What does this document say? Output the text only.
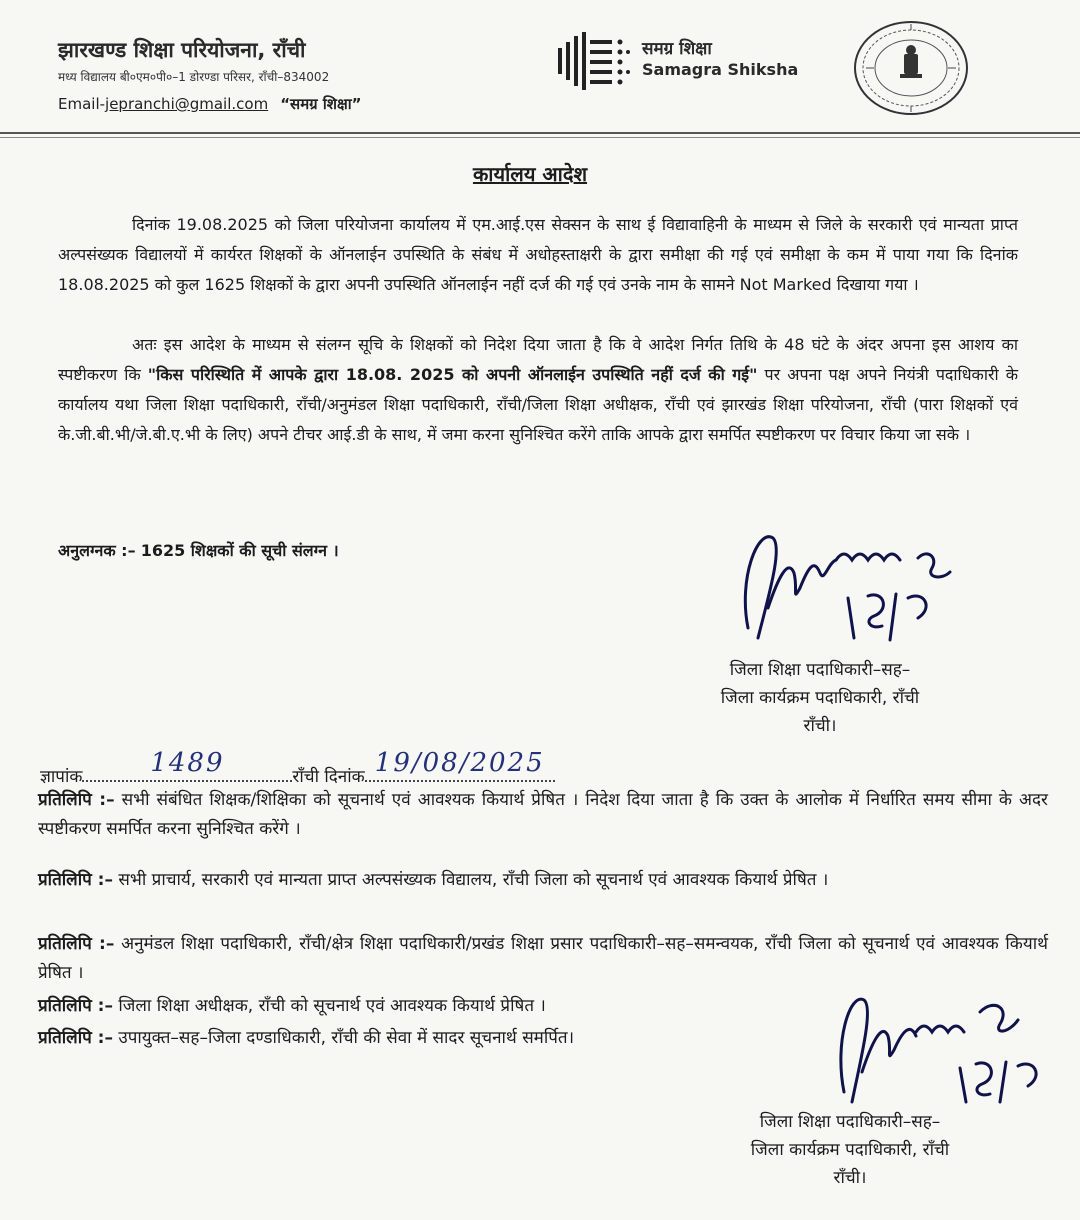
झारखण्ड शिक्षा परियोजना, राँची
मध्य विद्यालय बी०एम०पी०–1 डोरण्डा परिसर, राँची–834002
Email-jepranchi@gmail.com “समग्र शिक्षा”
समग्र शिक्षा
Samagra Shiksha
कार्यालय आदेश
दिनांक 19.08.2025 को जिला परियोजना कार्यालय में एम.आई.एस सेक्सन के साथ ई विद्यावाहिनी के माध्यम से जिले के सरकारी एवं मान्यता प्राप्त अल्पसंख्यक विद्यालयों में कार्यरत शिक्षकों के ऑनलाईन उपस्थिति के संबंध में अधोहस्ताक्षरी के द्वारा समीक्षा की गई एवं समीक्षा के कम में पाया गया कि दिनांक 18.08.2025 को कुल 1625 शिक्षकों के द्वारा अपनी उपस्थिति ऑनलाईन नहीं दर्ज की गई एवं उनके नाम के सामने Not Marked दिखाया गया ।
अतः इस आदेश के माध्यम से संलग्न सूचि के शिक्षकों को निदेश दिया जाता है कि वे आदेश निर्गत तिथि के 48 घंटे के अंदर अपना इस आशय का स्पष्टीकरण कि "किस परिस्थिति में आपके द्वारा 18.08. 2025 को अपनी ऑनलाईन उपस्थिति नहीं दर्ज की गई" पर अपना पक्ष अपने नियंत्री पदाधिकारी के कार्यालय यथा जिला शिक्षा पदाधिकारी, राँची/अनुमंडल शिक्षा पदाधिकारी, राँची/जिला शिक्षा अधीक्षक, राँची एवं झारखंड शिक्षा परियोजना, राँची (पारा शिक्षकों एवं के.जी.बी.भी/जे.बी.ए.भी के लिए) अपने टीचर आई.डी के साथ, में जमा करना सुनिश्चित करेंगे ताकि आपके द्वारा समर्पित स्पष्टीकरण पर विचार किया जा सके ।
अनुलग्नक :– 1625 शिक्षकों की सूची संलग्न ।
जिला शिक्षा पदाधिकारी–सह–
जिला कार्यक्रम पदाधिकारी, राँची
राँची।
ज्ञापांक	1489	राँची दिनांक 19/08/2025
प्रतिलिपि :– सभी संबंधित शिक्षक/शिक्षिका को सूचनार्थ एवं आवश्यक कियार्थ प्रेषित । निदेश दिया जाता है कि उक्त के आलोक में निर्धारित समय सीमा के अदर स्पष्टीकरण समर्पित करना सुनिश्चित करेंगे ।
प्रतिलिपि :– सभी प्राचार्य, सरकारी एवं मान्यता प्राप्त अल्पसंख्यक विद्यालय, राँची जिला को सूचनार्थ एवं आवश्यक कियार्थ प्रेषित ।
प्रतिलिपि :– अनुमंडल शिक्षा पदाधिकारी, राँची/क्षेत्र शिक्षा पदाधिकारी/प्रखंड शिक्षा प्रसार पदाधिकारी–सह–समन्वयक, राँची जिला को सूचनार्थ एवं आवश्यक कियार्थ प्रेषित ।
प्रतिलिपि :– जिला शिक्षा अधीक्षक, राँची को सूचनार्थ एवं आवश्यक कियार्थ प्रेषित ।
प्रतिलिपि :– उपायुक्त–सह–जिला दण्डाधिकारी, राँची की सेवा में सादर सूचनार्थ समर्पित।
जिला शिक्षा पदाधिकारी–सह–
जिला कार्यक्रम पदाधिकारी, राँची
राँची।
